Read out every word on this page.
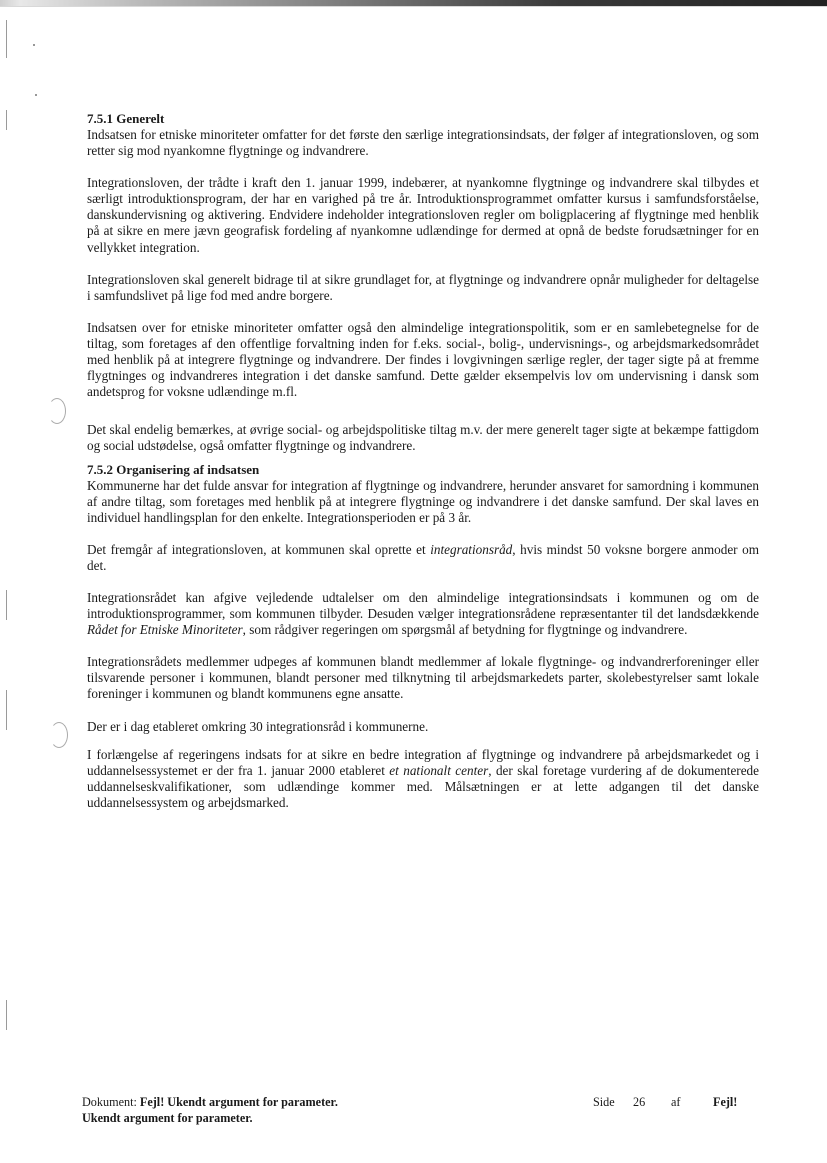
7.5.1 Generelt

Indsatsen for etniske minoriteter omfatter for det første den særlige integrationsindsats, der følger af integrationsloven, og som retter sig mod nyankomne flygtninge og indvandrere.

Integrationsloven, der trådte i kraft den 1. januar 1999, indebærer, at nyankomne flygtninge og indvandrere skal tilbydes et særligt introduktionsprogram, der har en varighed på tre år. Introduktionsprogrammet omfatter kursus i samfundsforståelse, danskundervisning og aktivering. Endvidere indeholder integrationsloven regler om boligplacering af flygtninge med henblik på at sikre en mere jævn geografisk fordeling af nyankomne udlændinge for dermed at opnå de bedste forudsætninger for en vellykket integration.

Integrationsloven skal generelt bidrage til at sikre grundlaget for, at flygtninge og indvandrere opnår muligheder for deltagelse i samfundslivet på lige fod med andre borgere.

Indsatsen over for etniske minoriteter omfatter også den almindelige integrationspolitik, som er en samlebetegnelse for de tiltag, som foretages af den offentlige forvaltning inden for f.eks. social-, bolig-, undervisnings-, og arbejdsmarkedsområdet med henblik på at integrere flygtninge og indvandrere. Der findes i lovgivningen særlige regler, der tager sigte på at fremme flygtninges og indvandreres integration i det danske samfund. Dette gælder eksempelvis lov om undervisning i dansk som andetsprog for voksne udlændinge m.fl.

Det skal endelig bemærkes, at øvrige social- og arbejdspolitiske tiltag m.v. der mere generelt tager sigte at bekæmpe fattigdom og social udstødelse, også omfatter flygtninge og indvandrere.

7.5.2 Organisering af indsatsen

Kommunerne har det fulde ansvar for integration af flygtninge og indvandrere, herunder ansvaret for samordning i kommunen af andre tiltag, som foretages med henblik på at integrere flygtninge og indvandrere i det danske samfund. Der skal laves en individuel handlingsplan for den enkelte. Integrationsperioden er på 3 år.

Det fremgår af integrationsloven, at kommunen skal oprette et integrationsråd, hvis mindst 50 voksne borgere anmoder om det.

Integrationsrådet kan afgive vejledende udtalelser om den almindelige integrationsindsats i kommunen og om de introduktionsprogrammer, som kommunen tilbyder. Desuden vælger integrationsrådene repræsentanter til det landsdækkende Rådet for Etniske Minoriteter, som rådgiver regeringen om spørgsmål af betydning for flygtninge og indvandrere.

Integrationsrådets medlemmer udpeges af kommunen blandt medlemmer af lokale flygtninge- og indvandrerforeninger eller tilsvarende personer i kommunen, blandt personer med tilknytning til arbejdsmarkedets parter, skolebestyrelser samt lokale foreninger i kommunen og blandt kommunens egne ansatte.

Der er i dag etableret omkring 30 integrationsråd i kommunerne.

I forlængelse af regeringens indsats for at sikre en bedre integration af flygtninge og indvandrere på arbejdsmarkedet og i uddannelsessystemet er der fra 1. januar 2000 etableret et nationalt center, der skal foretage vurdering af de dokumenterede uddannelseskvalifikationer, som udlændinge kommer med. Målsætningen er at lette adgangen til det danske uddannelsessystem og arbejdsmarked.

Dokument: Fejl! Ukendt argument for parameter.
Ukendt argument for parameter.
Side 26 af	Fejl!
